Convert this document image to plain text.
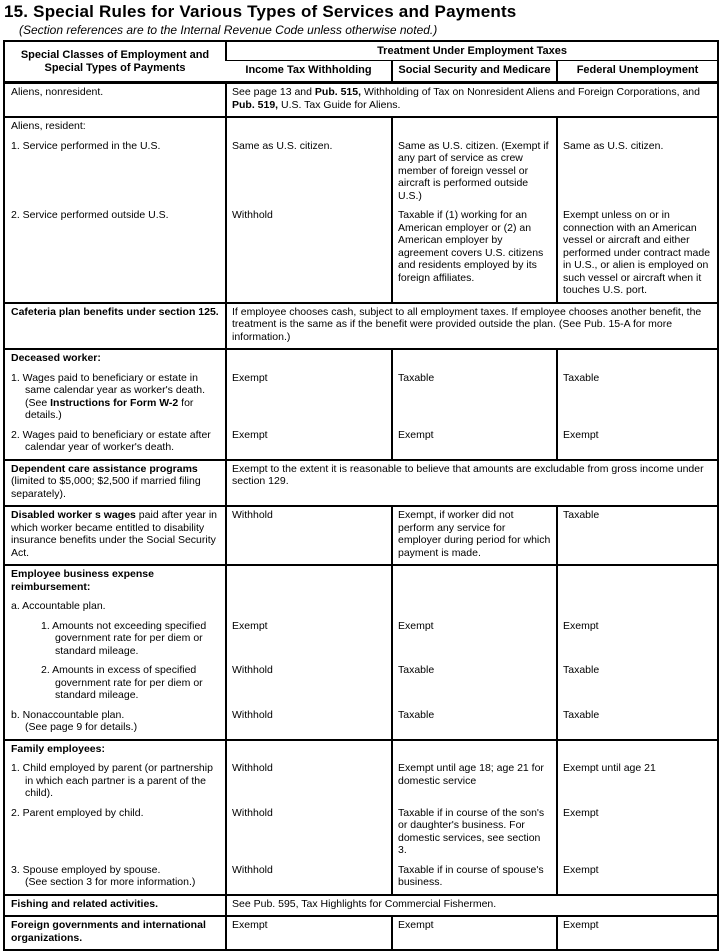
15. Special Rules for Various Types of Services and Payments
(Section references are to the Internal Revenue Code unless otherwise noted.)
Special Classes of Employment and Special Types of Payments	Treatment Under Employment Taxes		
	Income Tax Withholding	Social Security and Medicare	Federal Unemployment
Aliens, nonresident.	See page 13 and Pub. 515, Withholding of Tax on Nonresident Aliens and Foreign Corporations, and Pub. 519, U.S. Tax Guide for Aliens.		
Aliens, resident:			
1. Service performed in the U.S.	Same as U.S. citizen.	Same as U.S. citizen. (Exempt if any part of service as crew member of foreign vessel or aircraft is performed outside U.S.)	Same as U.S. citizen.
2. Service performed outside U.S.	Withhold	Taxable if (1) working for an American employer or (2) an American employer by agreement covers U.S. citizens and residents employed by its foreign affiliates.	Exempt unless on or in connection with an American vessel or aircraft and either performed under contract made in U.S., or alien is employed on such vessel or aircraft when it touches U.S. port.
Cafeteria plan benefits under section 125.	If employee chooses cash, subject to all employment taxes. If employee chooses another benefit, the treatment is the same as if the benefit were provided outside the plan. (See Pub. 15-A for more information.)		
Deceased worker:			
1. Wages paid to beneficiary or estate in same calendar year as worker's death. (See Instructions for Form W-2 for details.)	Exempt	Taxable	Taxable
2. Wages paid to beneficiary or estate after calendar year of worker's death.	Exempt	Exempt	Exempt
Dependent care assistance programs (limited to $5,000; $2,500 if married filing separately).	Exempt to the extent it is reasonable to believe that amounts are excludable from gross income under section 129.		
Disabled worker s wages paid after year in which worker became entitled to disability insurance benefits under the Social Security Act.	Withhold	Exempt, if worker did not perform any service for employer during period for which payment is made.	Taxable
Employee business expense reimbursement:			
a. Accountable plan.			
1. Amounts not exceeding specified government rate for per diem or standard mileage.	Exempt	Exempt	Exempt
2. Amounts in excess of specified government rate for per diem or standard mileage.	Withhold	Taxable	Taxable
b. Nonaccountable plan.
(See page 9 for details.)	Withhold	Taxable	Taxable
Family employees:			
1. Child employed by parent (or partnership in which each partner is a parent of the child).	Withhold	Exempt until age 18; age 21 for domestic service	Exempt until age 21
2. Parent employed by child.	Withhold	Taxable if in course of the son's or daughter's business. For domestic services, see section 3.	Exempt
3. Spouse employed by spouse.
(See section 3 for more information.)	Withhold	Taxable if in course of spouse's business.	Exempt
Fishing and related activities.	See Pub. 595, Tax Highlights for Commercial Fishermen.		
Foreign governments and international organizations.	Exempt	Exempt	Exempt
